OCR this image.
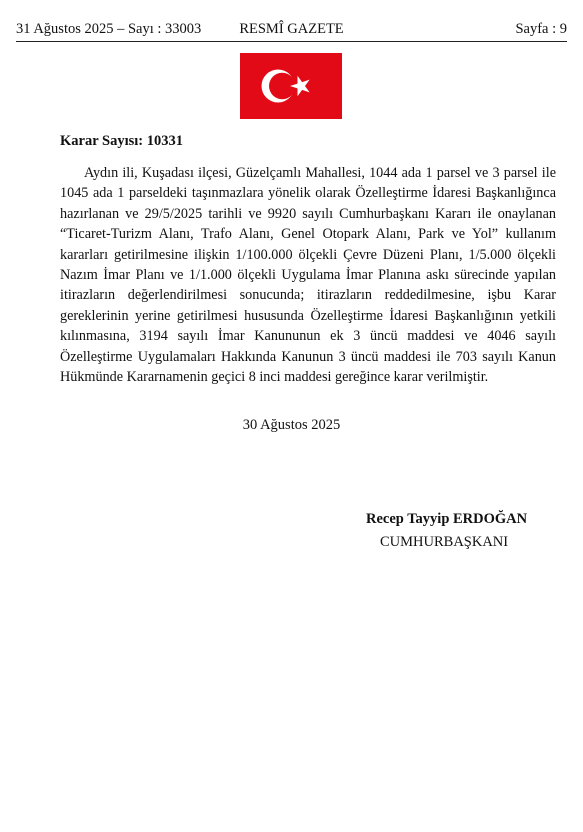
31 Ağustos 2025 – Sayı : 33003	RESMÎ GAZETE	Sayfa : 9
Karar Sayısı: 10331

Aydın ili, Kuşadası ilçesi, Güzelçamlı Mahallesi, 1044 ada 1 parsel ve 3 parsel ile 1045 ada 1 parseldeki taşınmazlara yönelik olarak Özelleştirme İdaresi Başkanlığınca hazırlanan ve 29/5/2025 tarihli ve 9920 sayılı Cumhurbaşkanı Kararı ile onaylanan “Ticaret-Turizm Alanı, Trafo Alanı, Genel Otopark Alanı, Park ve Yol” kullanım kararları getirilmesine ilişkin 1/100.000 ölçekli Çevre Düzeni Planı, 1/5.000 ölçekli Nazım İmar Planı ve 1/1.000 ölçekli Uygulama İmar Planına askı sürecinde yapılan itirazların değerlendirilmesi sonucunda; itirazların reddedilmesine, işbu Karar gereklerinin yerine getirilmesi hususunda Özelleştirme İdaresi Başkanlığının yetkili kılınmasına, 3194 sayılı İmar Kanununun ek 3 üncü maddesi ve 4046 sayılı Özelleştirme Uygulamaları Hakkında Kanunun 3 üncü maddesi ile 703 sayılı Kanun Hükmünde Kararnamenin geçici 8 inci maddesi gereğince karar verilmiştir.

30 Ağustos 2025
Recep Tayyip ERDOĞAN
CUMHURBAŞKANI
